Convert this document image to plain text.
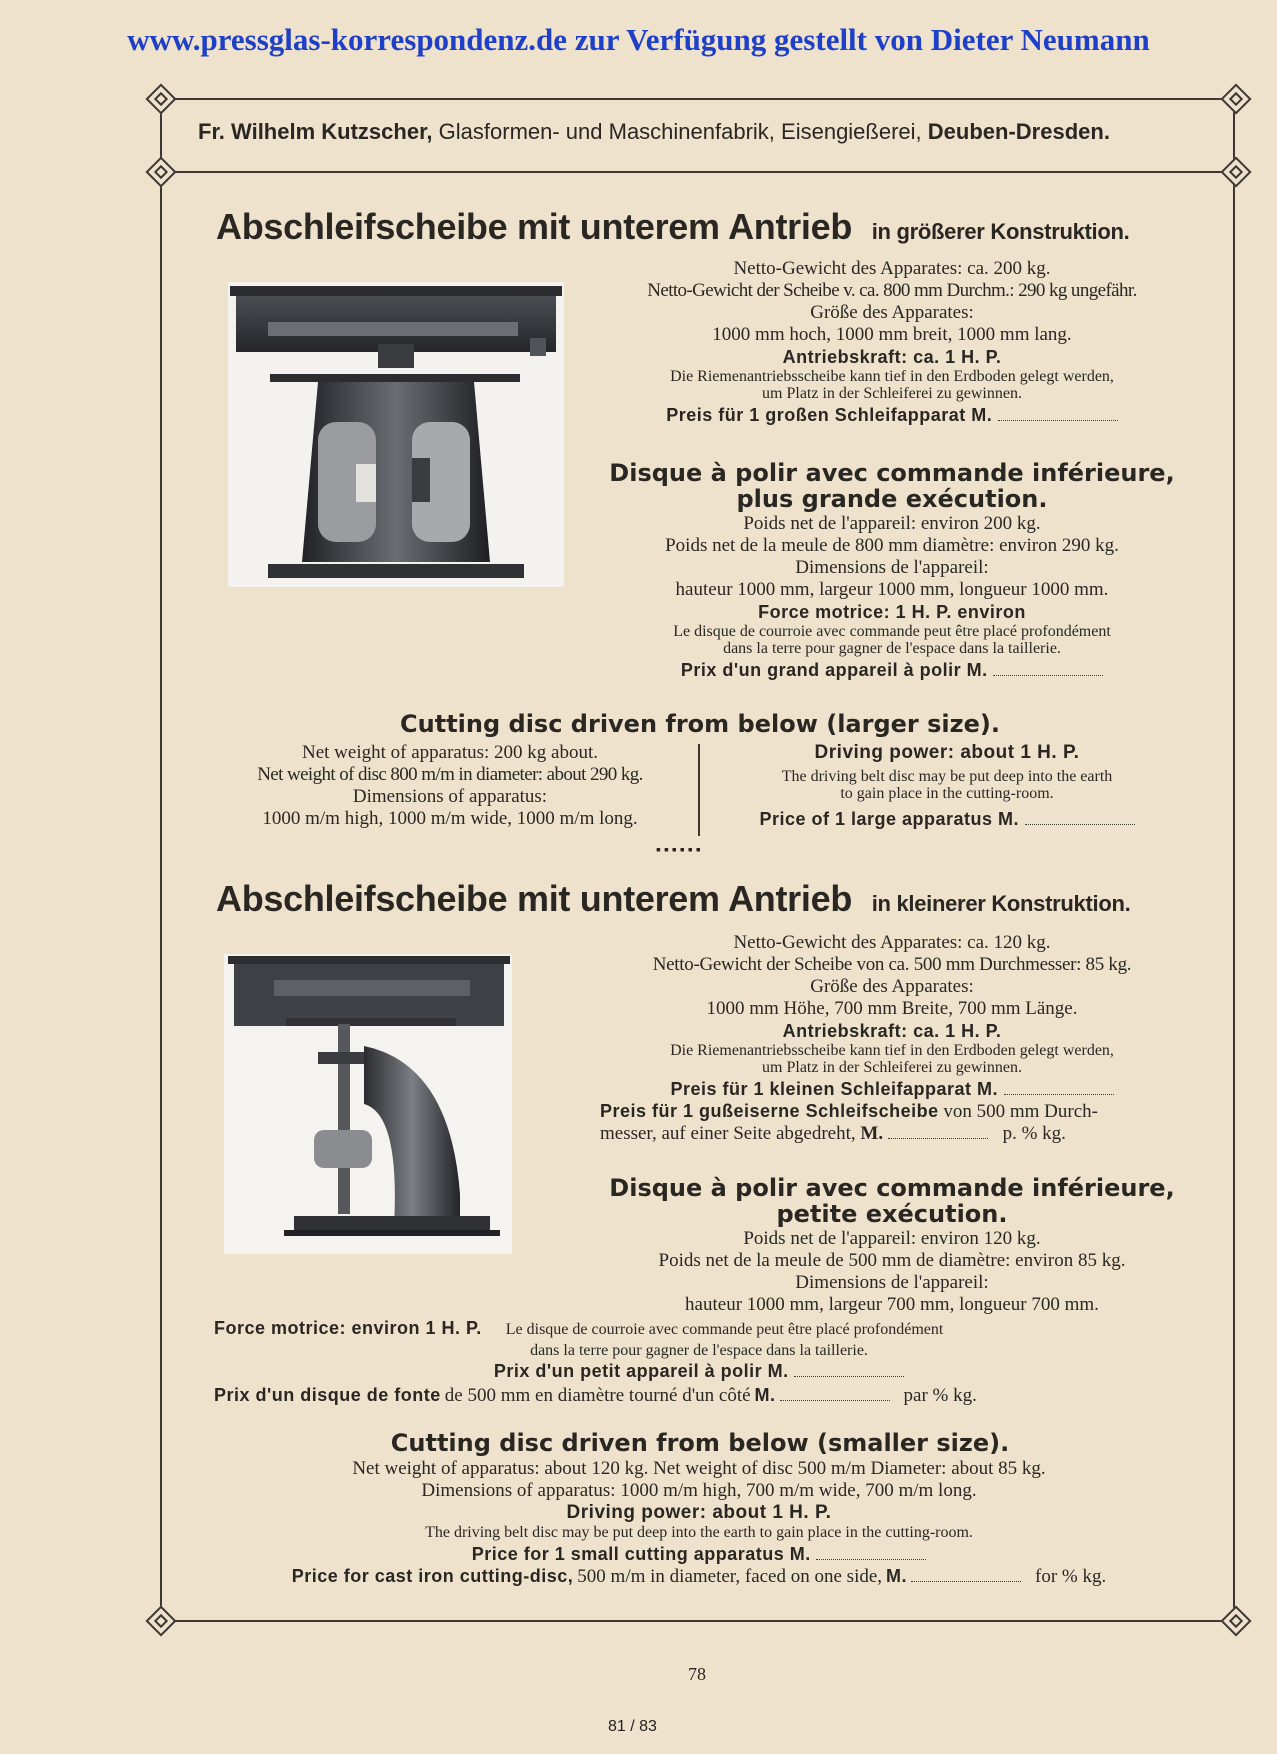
www.pressglas-korrespondenz.de zur Verfügung gestellt von Dieter Neumann
Fr. Wilhelm Kutzscher, Glasformen- und Maschinenfabrik, Eisengießerei, Deuben-Dresden.
Abschleifscheibe mit unterem Antrieb in größerer Konstruktion.
Netto-Gewicht des Apparates: ca. 200 kg.
Netto-Gewicht der Scheibe v. ca. 800 mm Durchm.: 290 kg ungefähr.
Größe des Apparates:
1000 mm hoch, 1000 mm breit, 1000 mm lang.
Antriebskraft: ca. 1 H. P.
Die Riemenantriebsscheibe kann tief in den Erdboden gelegt werden,
um Platz in der Schleiferei zu gewinnen.
Preis für 1 großen Schleifapparat M.
Disque à polir avec commande inférieure, plus grande exécution.
Poids net de l'appareil: environ 200 kg.
Poids net de la meule de 800 mm diamètre: environ 290 kg.
Dimensions de l'appareil:
hauteur 1000 mm, largeur 1000 mm, longueur 1000 mm.
Force motrice: 1 H. P. environ
Le disque de courroie avec commande peut être placé profondément
dans la terre pour gagner de l'espace dans la taillerie.
Prix d'un grand appareil à polir M.
Cutting disc driven from below (larger size).
Net weight of apparatus: 200 kg about.
Net weight of disc 800 m/m in diameter: about 290 kg.
Dimensions of apparatus:
1000 m/m high, 1000 m/m wide, 1000 m/m long.
Driving power: about 1 H. P.
The driving belt disc may be put deep into the earth
to gain place in the cutting-room.
Price of 1 large apparatus M.
▪▪▪▪▪▪
Abschleifscheibe mit unterem Antrieb in kleinerer Konstruktion.
Netto-Gewicht des Apparates: ca. 120 kg.
Netto-Gewicht der Scheibe von ca. 500 mm Durchmesser: 85 kg.
Größe des Apparates:
1000 mm Höhe, 700 mm Breite, 700 mm Länge.
Antriebskraft: ca. 1 H. P.
Die Riemenantriebsscheibe kann tief in den Erdboden gelegt werden,
um Platz in der Schleiferei zu gewinnen.
Preis für 1 kleinen Schleifapparat M.
Preis für 1 gußeiserne Schleifscheibe von 500 mm Durch-
messer, auf einer Seite abgedreht, M.	p. % kg.
Disque à polir avec commande inférieure, petite exécution.
Poids net de l'appareil: environ 120 kg.
Poids net de la meule de 500 mm de diamètre: environ 85 kg.
Dimensions de l'appareil:
hauteur 1000 mm, largeur 700 mm, longueur 700 mm.
Force motrice: environ 1 H. P. Le disque de courroie avec commande peut être placé profondément
dans la terre pour gagner de l'espace dans la taillerie.
Prix d'un petit appareil à polir M.
Prix d'un disque de fonte de 500 mm en diamètre tourné d'un côté M.	par % kg.
Cutting disc driven from below (smaller size).
Net weight of apparatus: about 120 kg. Net weight of disc 500 m/m Diameter: about 85 kg.
Dimensions of apparatus: 1000 m/m high, 700 m/m wide, 700 m/m long.
Driving power: about 1 H. P.
The driving belt disc may be put deep into the earth to gain place in the cutting-room.
Price for 1 small cutting apparatus M.
Price for cast iron cutting-disc, 500 m/m in diameter, faced on one side, M.	for % kg.
78
81 / 83
